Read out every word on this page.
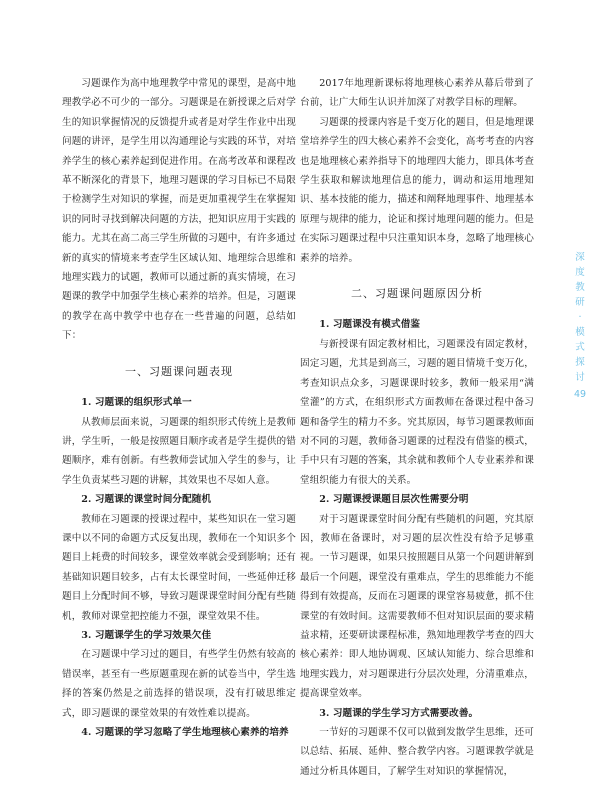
习题课作为高中地理教学中常见的课型，是高中地理教学必不可少的一部分。习题课是在新授课之后对学生的知识掌握情况的反馈提升或者是对学生作业中出现问题的讲评，是学生用以沟通理论与实践的环节，对培养学生的核心素养起到促进作用。在高考改革和课程改革不断深化的背景下，地理习题课的学习目标已不局限于检测学生对知识的掌握，而是更加重视学生在掌握知识的同时寻找到解决问题的方法，把知识应用于实践的能力。尤其在高二高三学生所做的习题中，有许多通过新的真实的情境来考查学生区域认知、地理综合思维和地理实践力的试题，教师可以通过新的真实情境，在习题课的教学中加强学生核心素养的培养。但是，习题课的教学在高中教学中也存在一些普遍的问题，总结如下：

一、习题课问题表现
1. 习题课的组织形式单一

从教师层面来说，习题课的组织形式传统上是教师讲，学生听，一般是按照题目顺序或者是学生提供的错题顺序，难有创新。有些教师尝试加入学生的参与，让学生负责某些习题的讲解，其效果也不尽如人意。

2. 习题课的课堂时间分配随机

教师在习题课的授课过程中，某些知识在一堂习题课中以不同的命题方式反复出现，教师在一个知识多个题目上耗费的时间较多，课堂效率就会受到影响；还有基础知识题目较多，占有太长课堂时间，一些延伸迁移题目上分配时间不够，导致习题课课堂时间分配有些随机，教师对课堂把控能力不强，课堂效果不佳。

3. 习题课学生的学习效果欠佳

在习题课中学习过的题目，有些学生仍然有较高的错误率，甚至有一些原题重现在新的试卷当中，学生选择的答案仍然是之前选择的错误项，没有打破思维定式，即习题课的课堂效果的有效性难以提高。

4. 习题课的学习忽略了学生地理核心素养的培养

2017年地理新课标将地理核心素养从幕后带到了台前，让广大师生认识并加深了对教学目标的理解。

习题课的授课内容是千变万化的题目，但是地理课堂培养学生的四大核心素养不会变化，高考考查的内容也是地理核心素养指导下的地理四大能力，即具体考查学生获取和解读地理信息的能力，调动和运用地理知识、基本技能的能力，描述和阐释地理事件、地理基本原理与规律的能力，论证和探讨地理问题的能力。但是在实际习题课过程中只注重知识本身，忽略了地理核心素养的培养。

二、习题课问题原因分析
1. 习题课没有模式借鉴

与新授课有固定教材相比，习题课没有固定教材，固定习题，尤其是到高三，习题的题目情境千变万化，考查知识点众多，习题课课时较多，教师一般采用“满堂灌”的方式，在组织形式方面教师在备课过程中备习题和备学生的精力不多。究其原因，每节习题课教师面对不同的习题，教师备习题课的过程没有借鉴的模式，手中只有习题的答案，其余就和教师个人专业素养和课堂组织能力有很大的关系。

2. 习题课授课题目层次性需要分明

对于习题课课堂时间分配有些随机的问题，究其原因，教师在备课时，对习题的层次性没有给予足够重视。一节习题课，如果只按照题目从第一个问题讲解到最后一个问题，课堂没有重难点，学生的思维能力不能得到有效提高，反而在习题课的课堂容易疲惫，抓不住课堂的有效时间。这需要教师不但对知识层面的要求精益求精，还要研读课程标准，熟知地理教学考查的四大核心素养：即人地协调观、区域认知能力、综合思维和地理实践力，对习题课进行分层次处理，分清重难点，提高课堂效率。

3. 习题课的学生学习方式需要改善。

一节好的习题课不仅可以做到发散学生思维，还可以总结、拓展、延伸、整合教学内容。习题课教学就是通过分析具体题目，了解学生对知识的掌握情况，

深
度
教
研
·
模
式
探
讨
49
